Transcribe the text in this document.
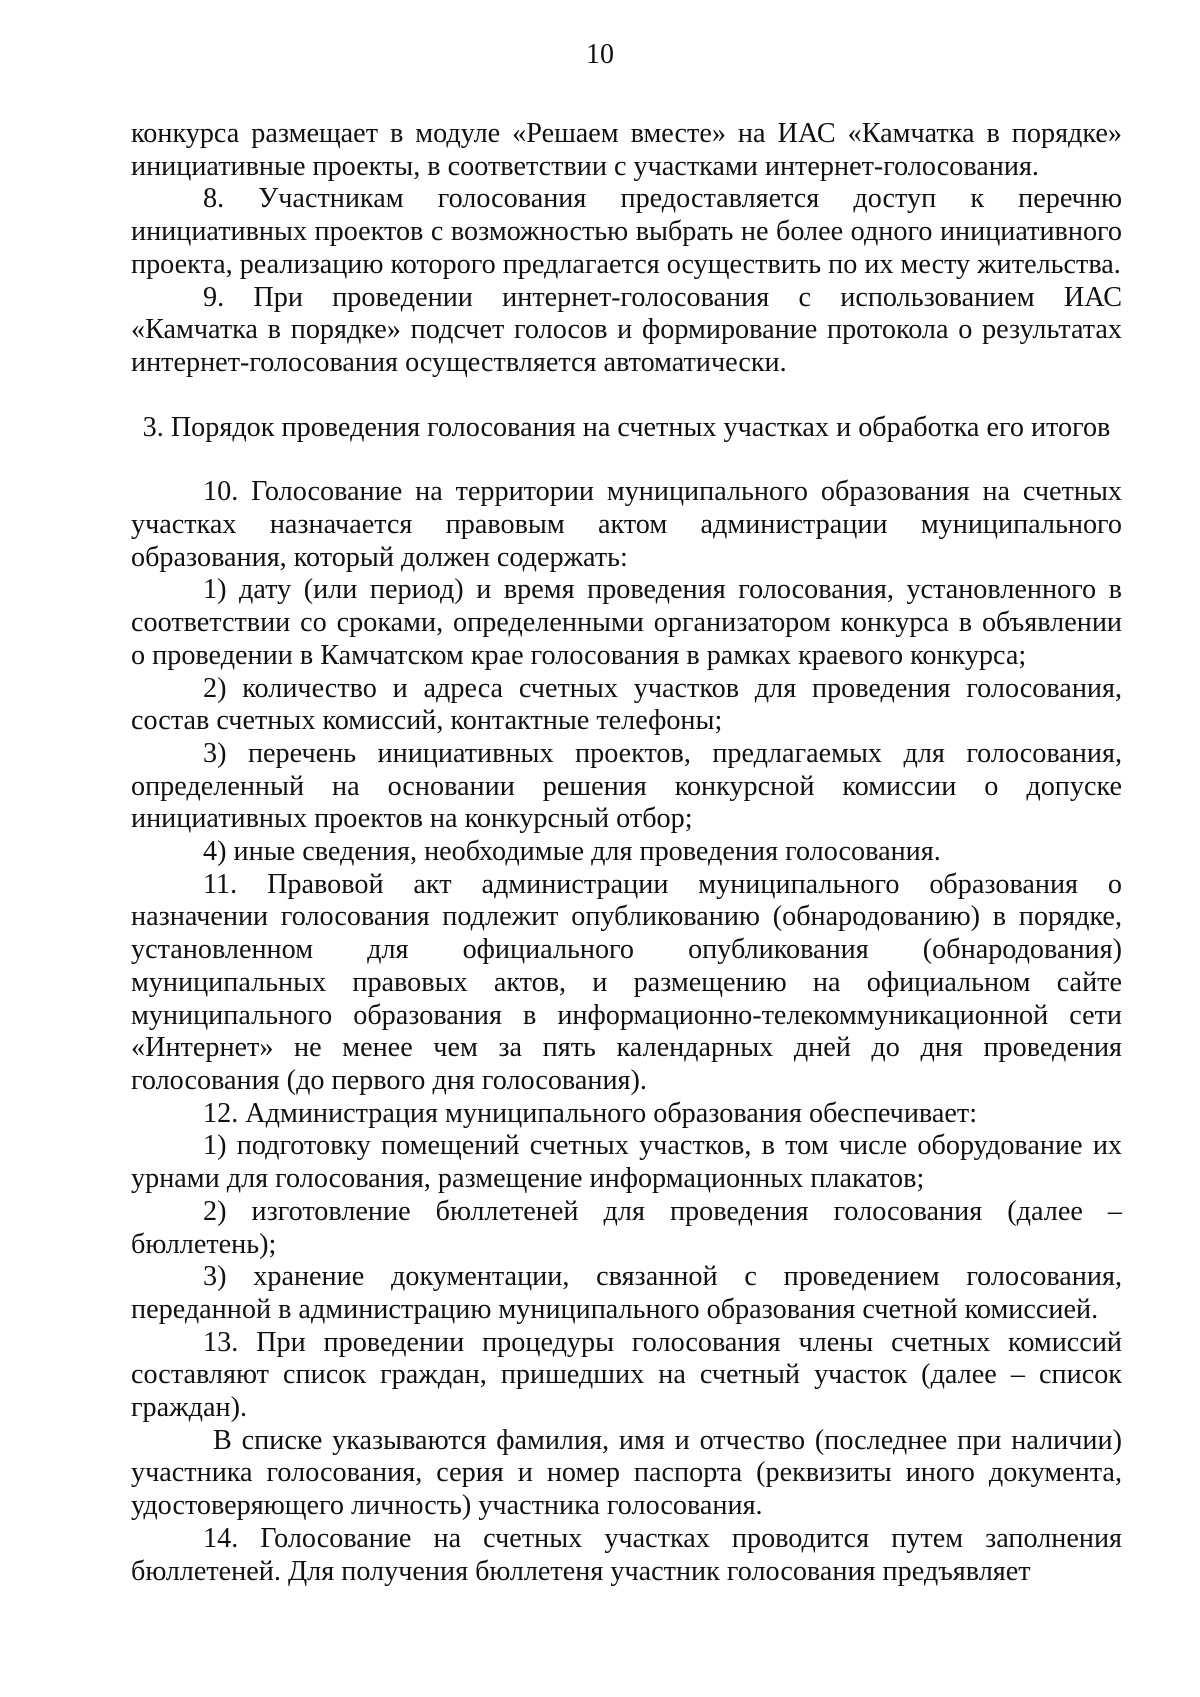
10

конкурса размещает в модуле «Решаем вместе» на ИАС «Камчатка в порядке» инициативные проекты, в соответствии с участками интернет-голосования.

8. Участникам голосования предоставляется доступ к перечню инициативных проектов с возможностью выбрать не более одного инициативного проекта, реализацию которого предлагается осуществить по их месту жительства.

9. При проведении интернет-голосования с использованием ИАС «Камчатка в порядке» подсчет голосов и формирование протокола о результатах интернет-голосования осуществляется автоматически.

3. Порядок проведения голосования на счетных участках и обработка его итогов

10. Голосование на территории муниципального образования на счетных участках назначается правовым актом администрации муниципального образования, который должен содержать:

1) дату (или период) и время проведения голосования, установленного в соответствии со сроками, определенными организатором конкурса в объявлении о проведении в Камчатском крае голосования в рамках краевого конкурса;

2) количество и адреса счетных участков для проведения голосования, состав счетных комиссий, контактные телефоны;

3) перечень инициативных проектов, предлагаемых для голосования, определенный на основании решения конкурсной комиссии о допуске инициативных проектов на конкурсный отбор;

4) иные сведения, необходимые для проведения голосования.

11. Правовой акт администрации муниципального образования о назначении голосования подлежит опубликованию (обнародованию) в порядке, установленном для официального опубликования (обнародования) муниципальных правовых актов, и размещению на официальном сайте муниципального образования в информационно-телекоммуникационной сети «Интернет» не менее чем за пять календарных дней до дня проведения голосования (до первого дня голосования).

12. Администрация муниципального образования обеспечивает:

1) подготовку помещений счетных участков, в том числе оборудование их урнами для голосования, размещение информационных плакатов;

2) изготовление бюллетеней для проведения голосования (далее – бюллетень);

3) хранение документации, связанной с проведением голосования, переданной в администрацию муниципального образования счетной комиссией.

13. При проведении процедуры голосования члены счетных комиссий составляют список граждан, пришедших на счетный участок (далее – список граждан).

В списке указываются фамилия, имя и отчество (последнее при наличии) участника голосования, серия и номер паспорта (реквизиты иного документа, удостоверяющего личность) участника голосования.

14. Голосование на счетных участках проводится путем заполнения бюллетеней. Для получения бюллетеня участник голосования предъявляет
